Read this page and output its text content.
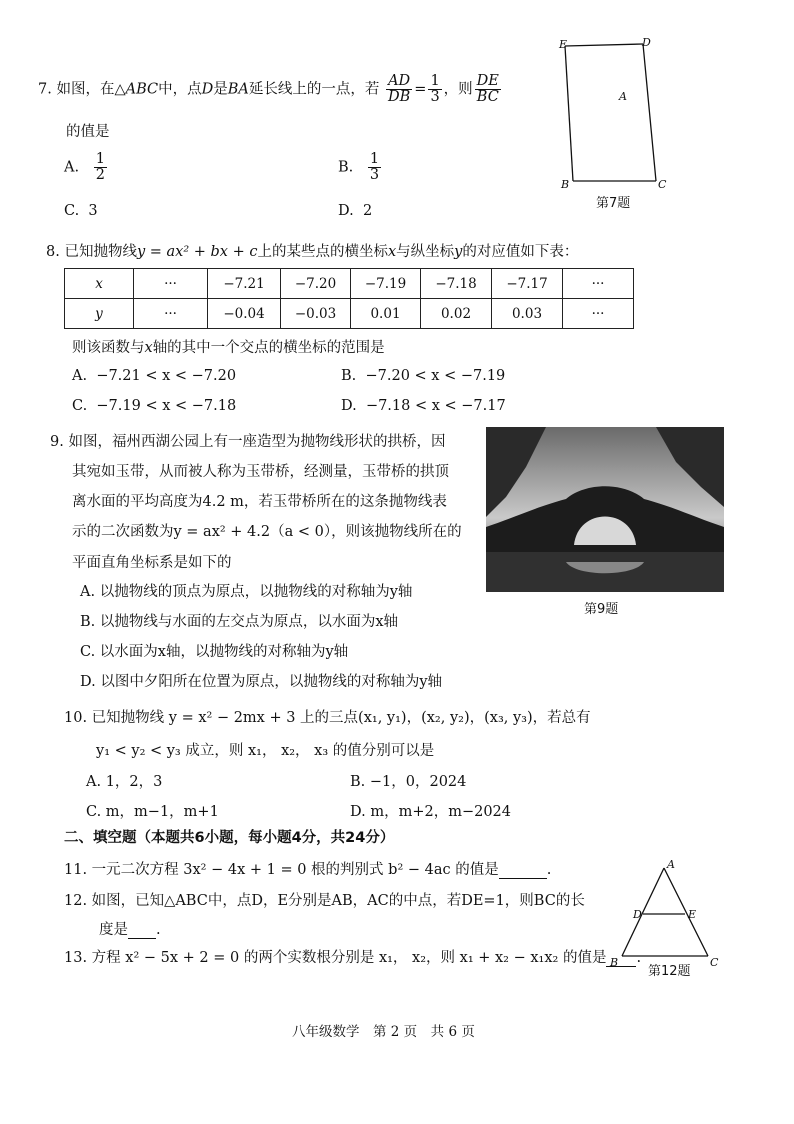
7. 如图，在△ABC中，点D是BA延长线上的一点，若 $\frac{AD}{DB} = \frac{1}{3}$ ，则 $\frac{DE}{BC}$
的值是
A. $\frac{1}{2}$	B. $\frac{1}{3}$
C. 3	D. 2
E	D
A
B	C
第7题
8. 已知抛物线y = ax² + bx + c上的某些点的横坐标x与纵坐标y的对应值如下表：
x	···	−7.21	−7.20	−7.19	−7.18	−7.17	···
y	···	−0.04	−0.03	0.01	0.02	0.03	···
则该函数与x轴的其中一个交点的横坐标的范围是
A. −7.21 < x < −7.20	B. −7.20 < x < −7.19
C. −7.19 < x < −7.18	D. −7.18 < x < −7.17
9. 如图，福州西湖公园上有一座造型为抛物线形状的拱桥，因
其宛如玉带，从而被人称为玉带桥，经测量，玉带桥的拱顶
离水面的平均高度为4.2 m，若玉带桥所在的这条抛物线表
示的二次函数为y = ax² + 4.2（a < 0），则该抛物线所在的
平面直角坐标系是如下的
A. 以抛物线的顶点为原点，以抛物线的对称轴为y轴
B. 以抛物线与水面的左交点为原点，以水面为x轴
C. 以水面为x轴，以抛物线的对称轴为y轴
D. 以图中夕阳所在位置为原点，以抛物线的对称轴为y轴
第9题
10. 已知抛物线 y = x² − 2mx + 3 上的三点(x₁, y₁)，(x₂, y₂)，(x₃, y₃)，若总有
y₁ < y₂ < y₃ 成立，则 x₁， x₂， x₃ 的值分别可以是
A. 1，2，3	B. −1，0，2024
C. m，m−1，m+1	D. m，m+2，m−2024
二、填空题（本题共6小题，每小题4分，共24分）
11. 一元二次方程 3x² − 4x + 1 = 0 根的判别式 b² − 4ac 的值是	.
12. 如图，已知△ABC中，点D，E分别是AB，AC的中点，若DE=1，则BC的长
度是 .
A
D	E
B	C
第12题
13. 方程 x² − 5x + 2 = 0 的两个实数根分别是 x₁， x₂，则 x₁ + x₂ − x₁x₂ 的值是 .
八年级数学　第 2 页　共 6 页
